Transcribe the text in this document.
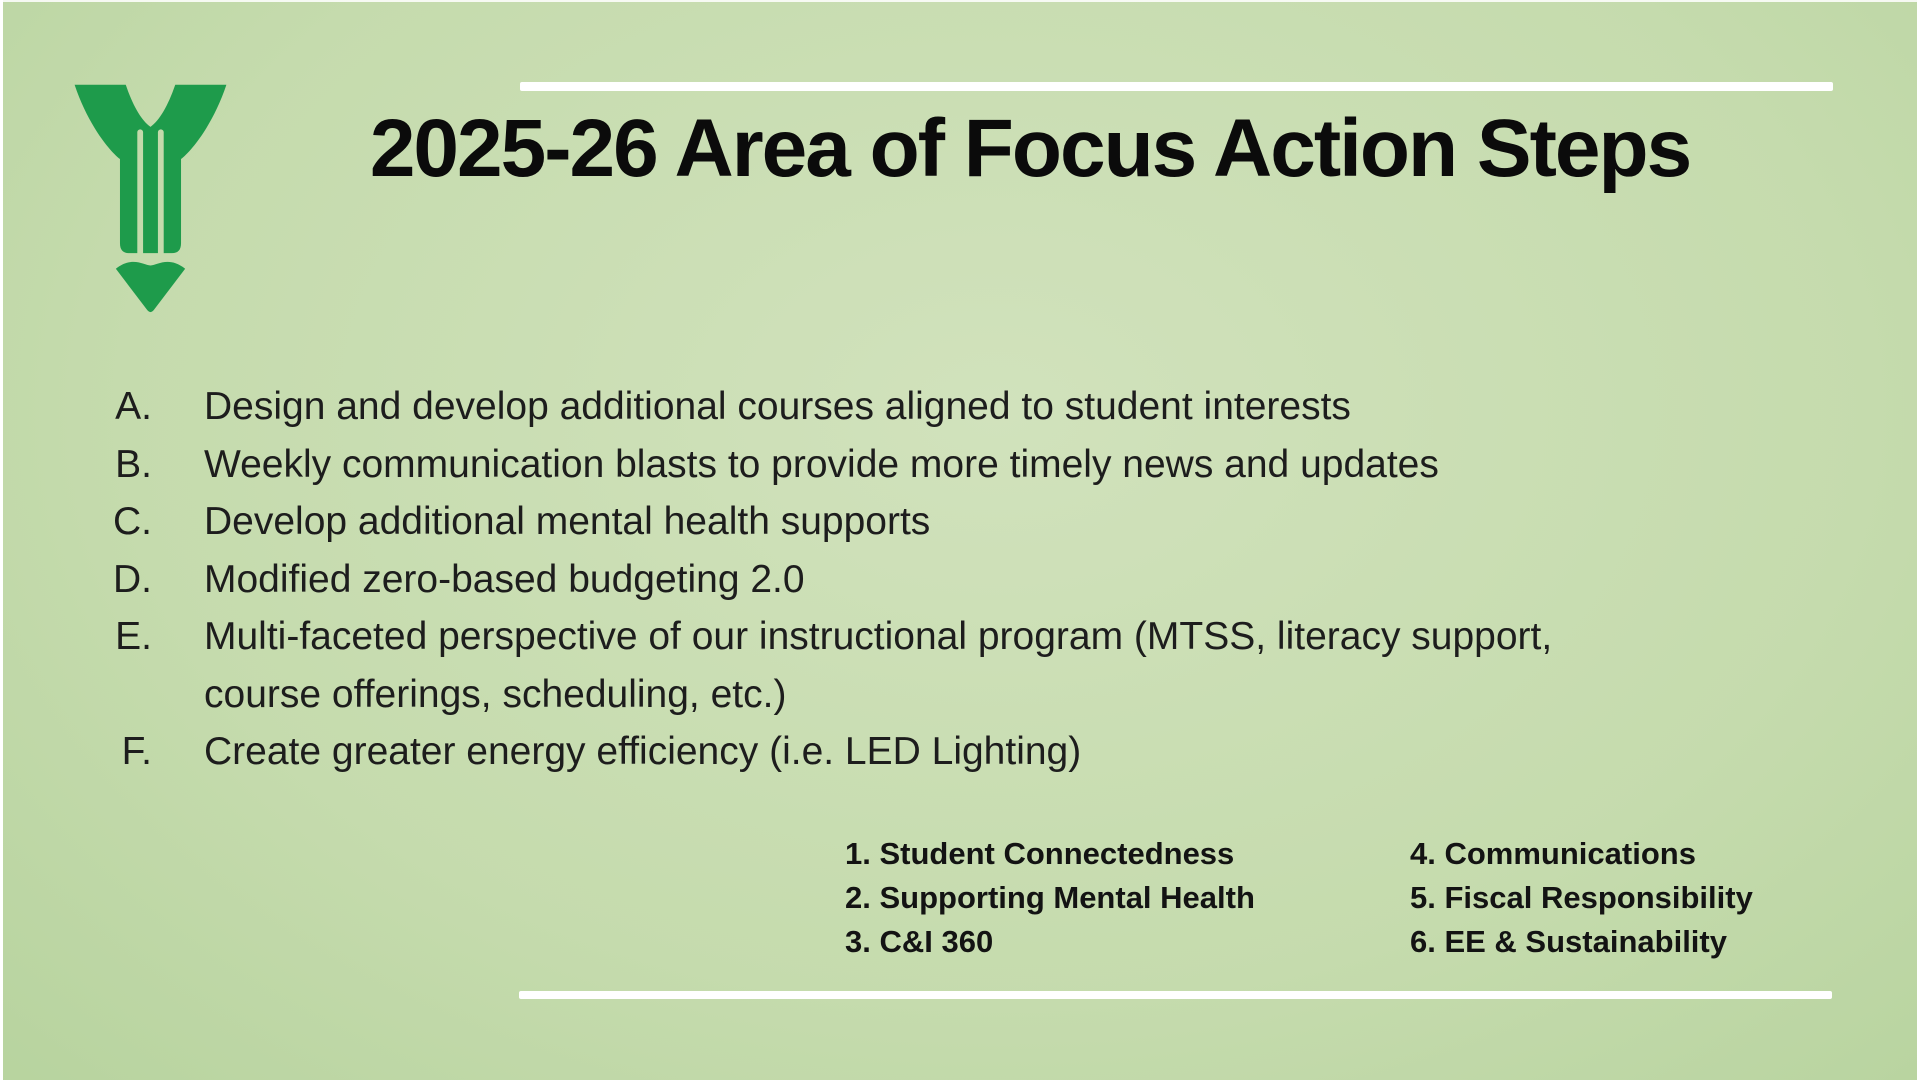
2025-26 Area of Focus Action Steps
A. Design and develop additional courses aligned to student interests

B. Weekly communication blasts to provide more timely news and updates

C. Develop additional mental health supports

D. Modified zero-based budgeting 2.0

E. Multi-faceted perspective of our instructional program (MTSS, literacy support, course offerings, scheduling, etc.)

F. Create greater energy efficiency (i.e. LED Lighting)

1. Student Connectedness
2. Supporting Mental Health
3. C&I 360
4. Communications
5. Fiscal Responsibility
6. EE & Sustainability
